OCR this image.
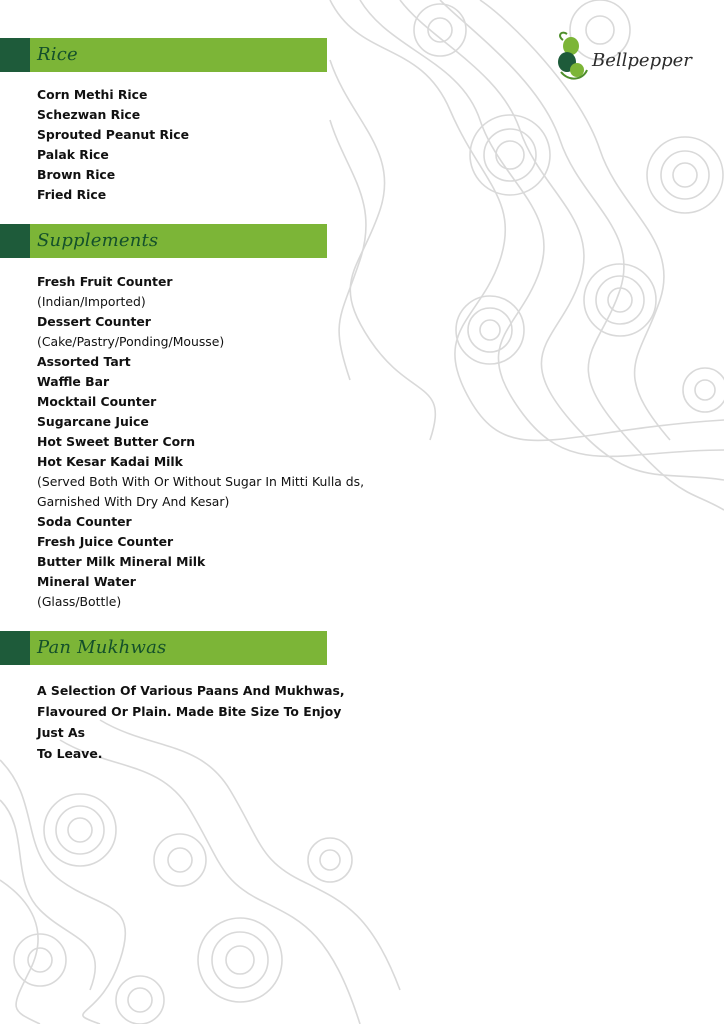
Bellpepper
Rice
Corn Methi Rice
Schezwan Rice
Sprouted Peanut Rice
Palak Rice
Brown Rice
Fried Rice
Supplements
Fresh Fruit Counter
(Indian/Imported)
Dessert Counter
(Cake/Pastry/Ponding/Mousse)
Assorted Tart
Waffle Bar
Mocktail Counter
Sugarcane Juice
Hot Sweet Butter Corn
Hot Kesar Kadai Milk
(Served Both With Or Without Sugar In Mitti Kulla ds,
Garnished With Dry And Kesar)
Soda Counter
Fresh Juice Counter
Butter Milk Mineral Milk
Mineral Water
(Glass/Bottle)
Pan Mukhwas
A Selection Of Various Paans And Mukhwas,
Flavoured Or Plain. Made Bite Size To Enjoy Just As
To Leave.
